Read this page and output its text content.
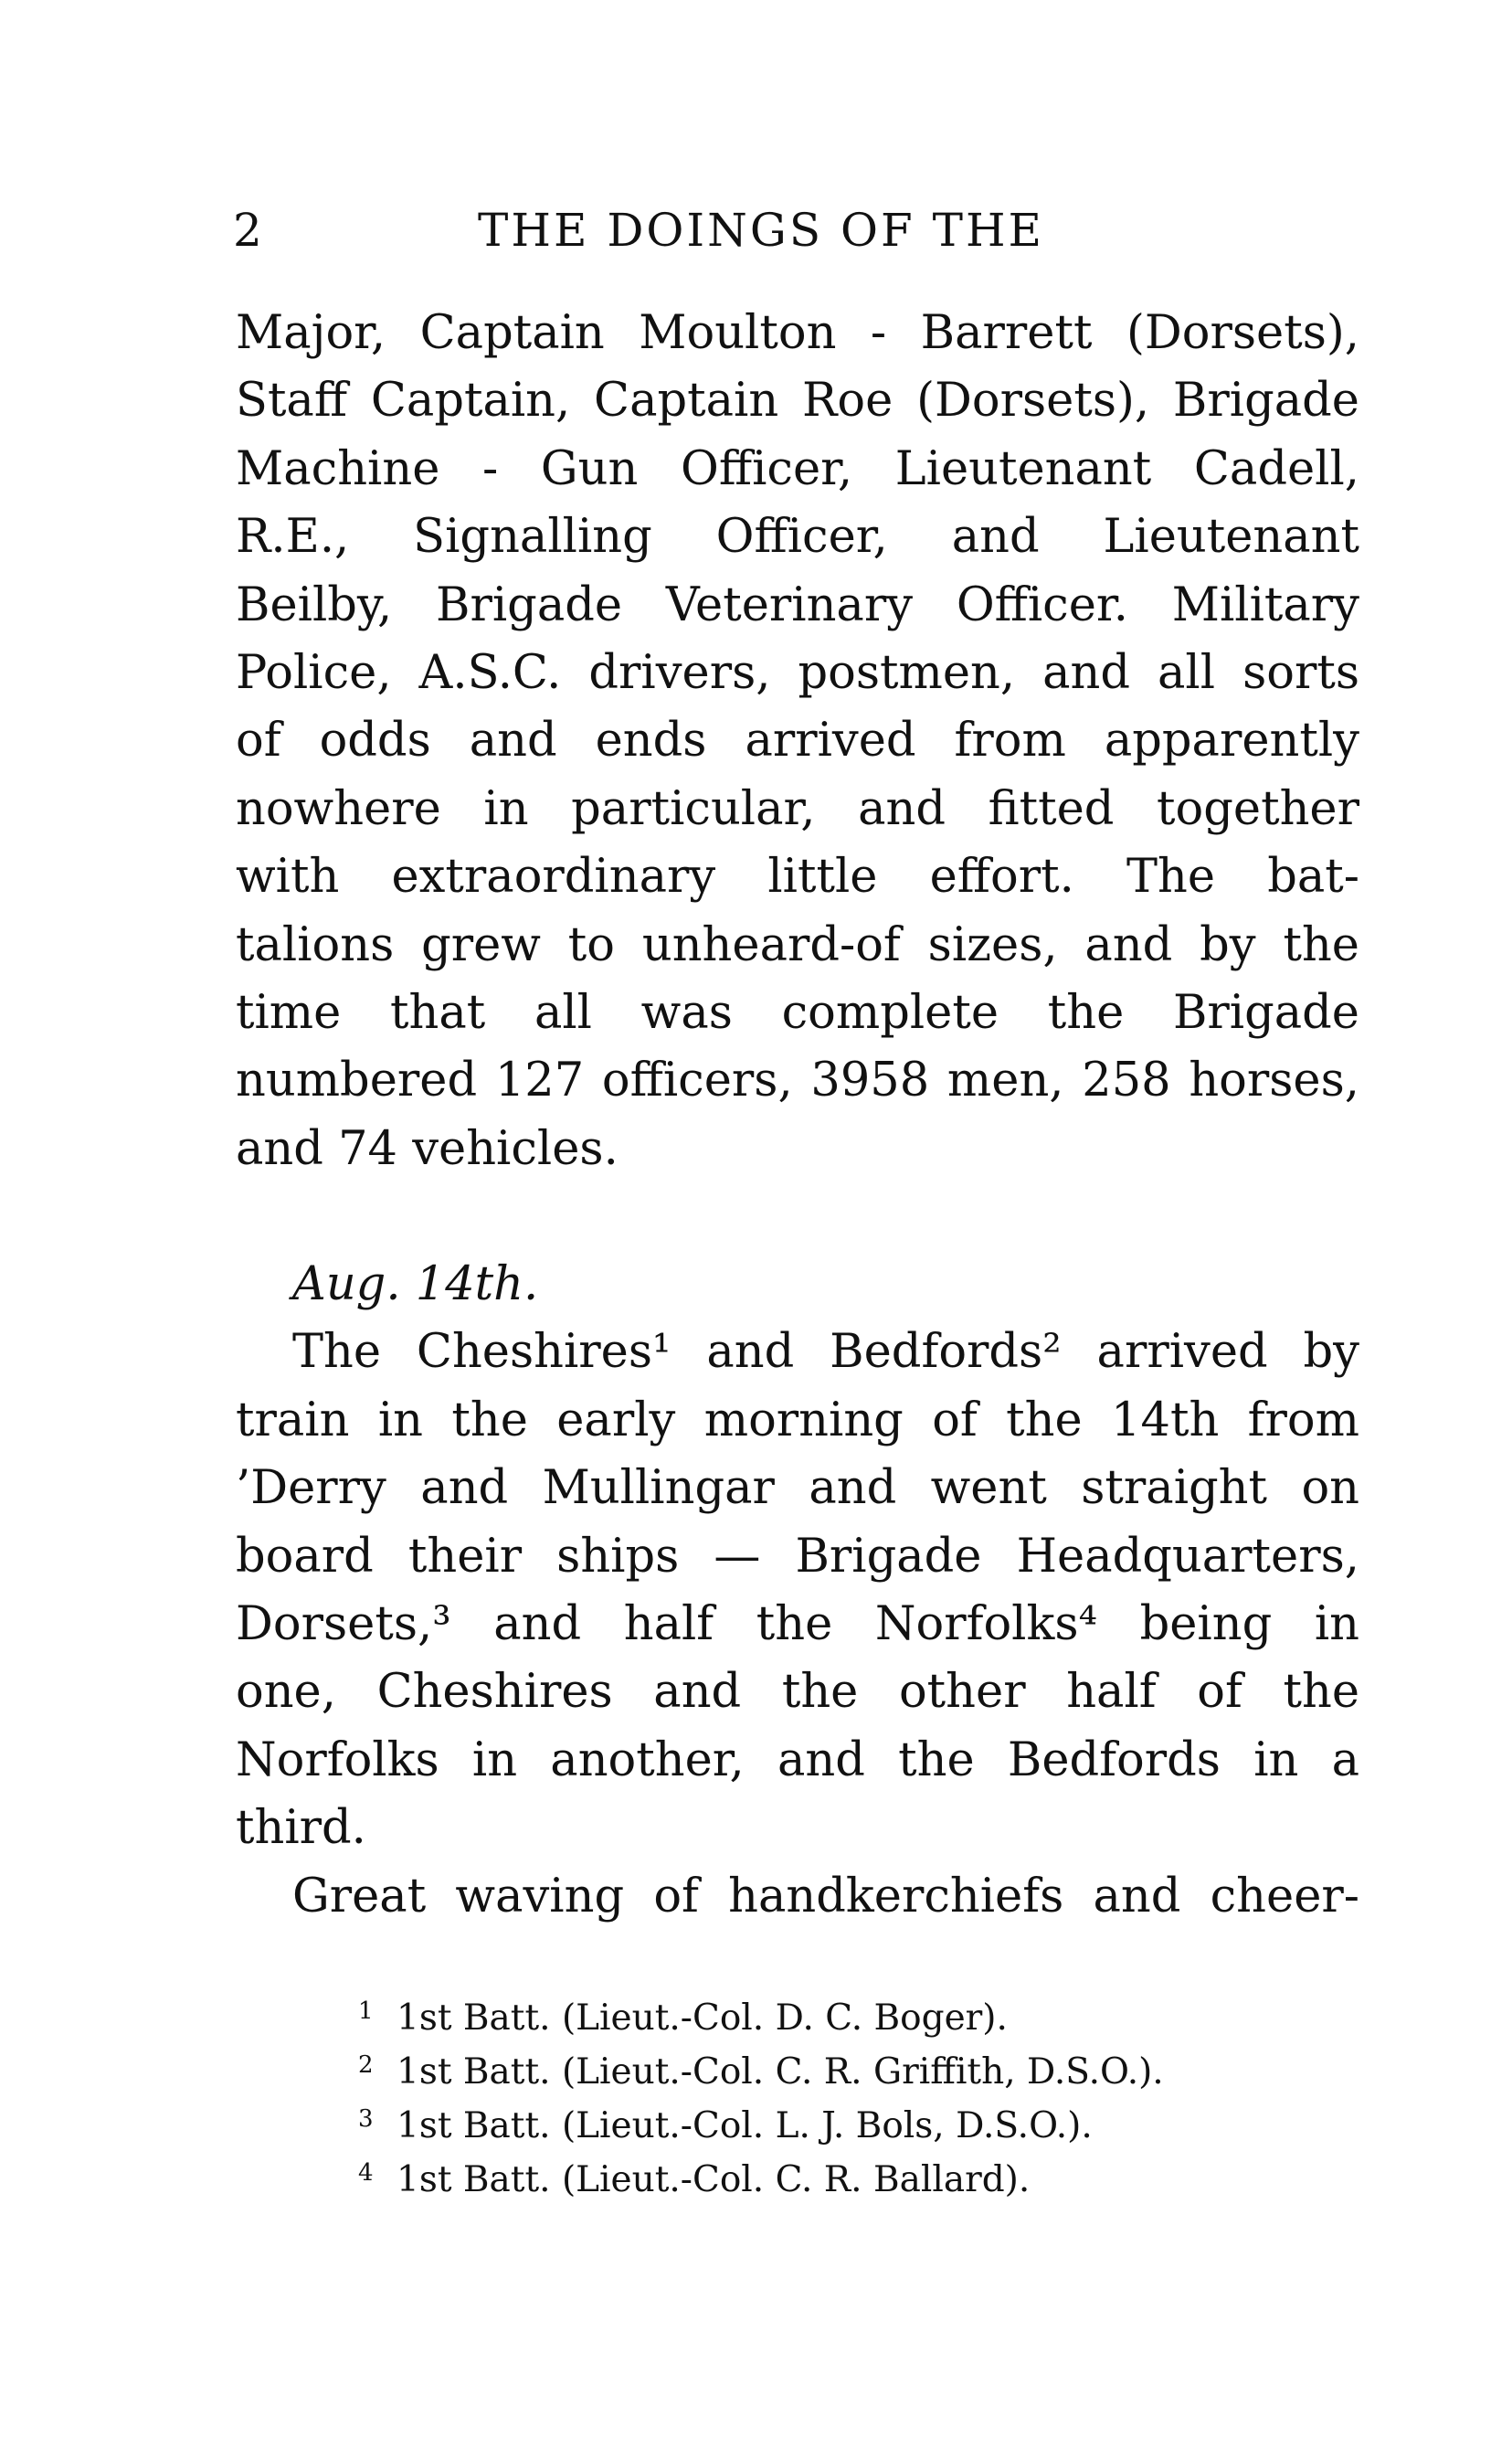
2	THE DOINGS OF THE
Major, Captain Moulton - Barrett (Dorsets),
Staff Captain, Captain Roe (Dorsets), Brigade
Machine - Gun Officer, Lieutenant Cadell,
R.E., Signalling Officer, and Lieutenant
Beilby, Brigade Veterinary Officer. Military
Police, A.S.C. drivers, postmen, and all sorts
of odds and ends arrived from apparently
nowhere in particular, and fitted together
with extraordinary little effort. The bat-
talions grew to unheard-of sizes, and by the
time that all was complete the Brigade
numbered 127 officers, 3958 men, 258 horses,
and 74 vehicles.
Aug. 14th.
The Cheshires¹ and Bedfords² arrived by
train in the early morning of the 14th from
’Derry and Mullingar and went straight on
board their ships — Brigade Headquarters,
Dorsets,³ and half the Norfolks⁴ being in
one, Cheshires and the other half of the
Norfolks in another, and the Bedfords in a
third.
Great waving of handkerchiefs and cheer-
1 1st Batt. (Lieut.-Col. D. C. Boger).
2 1st Batt. (Lieut.-Col. C. R. Griffith, D.S.O.).
3 1st Batt. (Lieut.-Col. L. J. Bols, D.S.O.).
4 1st Batt. (Lieut.-Col. C. R. Ballard).
